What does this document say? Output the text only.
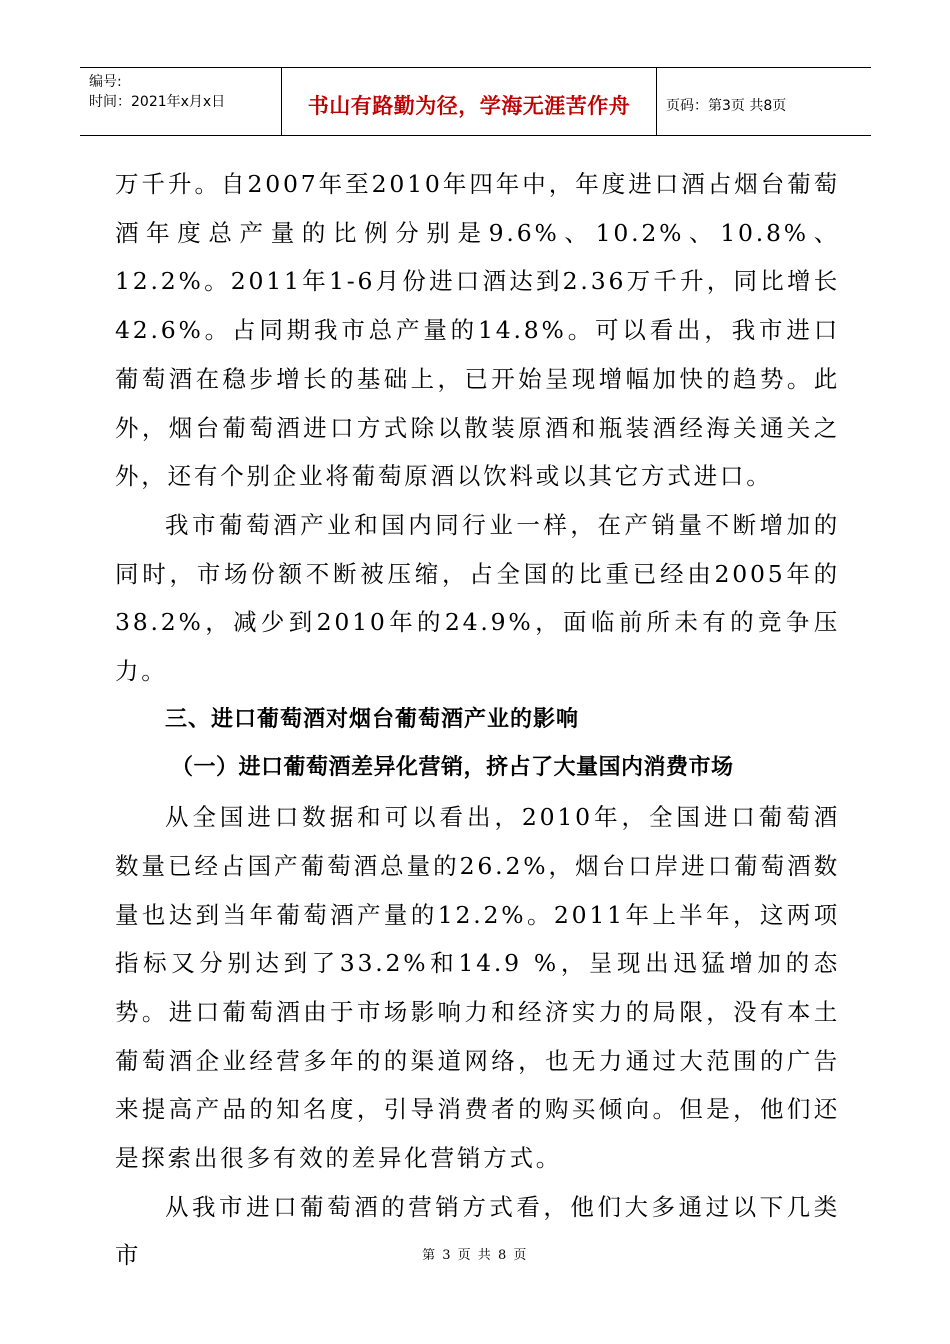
编号:
时间：2021年x月x日	书山有路勤为径，学海无涯苦作舟	页码：第3页 共8页

万千升。自2007年至2010年四年中，年度进口酒占烟台葡萄酒年度总产量的比例分别是9.6%、10.2%、10.8%、12.2%。2011年1-6月份进口酒达到2.36万千升，同比增长42.6%。占同期我市总产量的14.8%。可以看出，我市进口葡萄酒在稳步增长的基础上，已开始呈现增幅加快的趋势。此外，烟台葡萄酒进口方式除以散装原酒和瓶装酒经海关通关之外，还有个别企业将葡萄原酒以饮料或以其它方式进口。

我市葡萄酒产业和国内同行业一样，在产销量不断增加的同时，市场份额不断被压缩，占全国的比重已经由2005年的38.2%，减少到2010年的24.9%，面临前所未有的竞争压力。

三、进口葡萄酒对烟台葡萄酒产业的影响

（一）进口葡萄酒差异化营销，挤占了大量国内消费市场

从全国进口数据和可以看出，2010年，全国进口葡萄酒数量已经占国产葡萄酒总量的26.2%，烟台口岸进口葡萄酒数量也达到当年葡萄酒产量的12.2%。2011年上半年，这两项指标又分别达到了33.2%和14.9 %，呈现出迅猛增加的态势。进口葡萄酒由于市场影响力和经济实力的局限，没有本土葡萄酒企业经营多年的的渠道网络，也无力通过大范围的广告来提高产品的知名度，引导消费者的购买倾向。但是，他们还是探索出很多有效的差异化营销方式。

从我市进口葡萄酒的营销方式看，他们大多通过以下几类市	第 3 页 共 8 页
